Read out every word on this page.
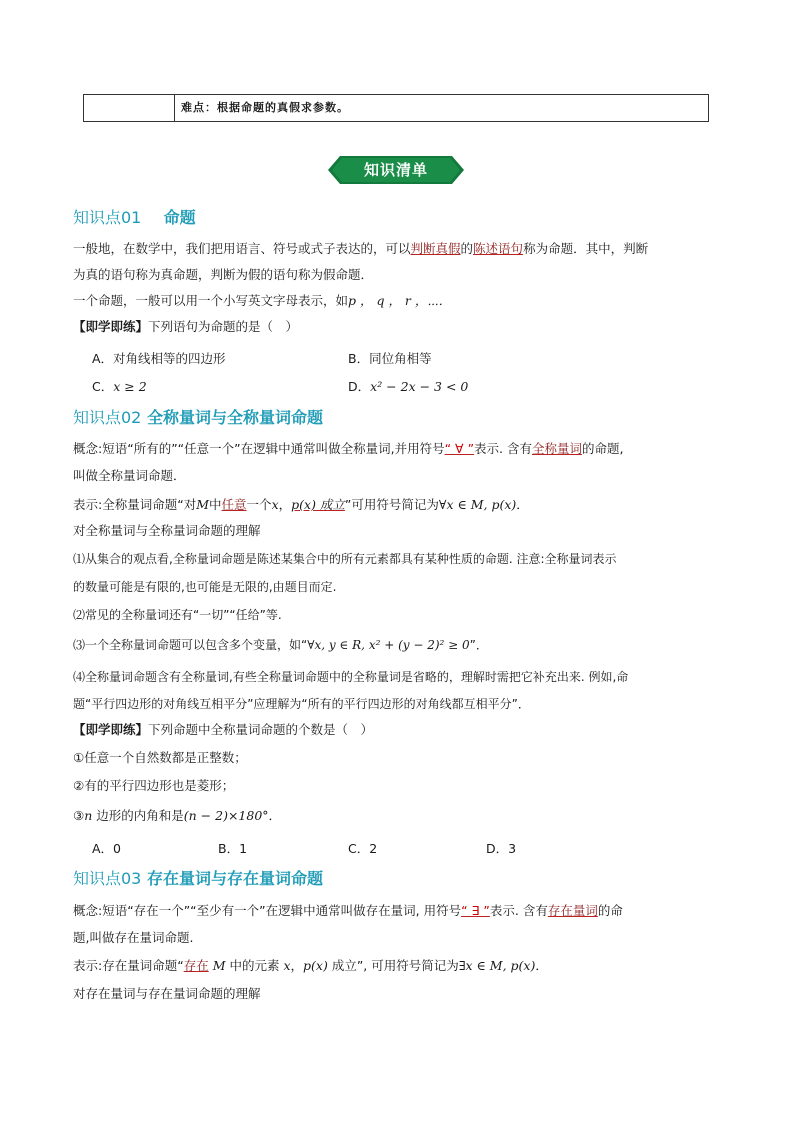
难点：根据命题的真假求参数。
知识清单
知识点01 命题
一般地，在数学中，我们把用语言、符号或式子表达的，可以判断真假的陈述语句称为命题．其中，判断
为真的语句称为真命题，判断为假的语句称为假命题．
一个命题，一般可以用一个小写英文字母表示，如p ， q ， r ，⋯．
【即学即练】下列语句为命题的是（　）
A．对角线相等的四边形	B．同位角相等
C．x ≥ 2	D．x² − 2x − 3 < 0
知识点02 全称量词与全称量词命题
概念:短语“所有的”“任意一个”在逻辑中通常叫做全称量词,并用符号“ ∀ ”表示. 含有全称量词的命题,
叫做全称量词命题．
表示:全称量词命题“对M中任意一个x，p(x) 成立”可用符号简记为∀x ∈ M, p(x)．
对全称量词与全称量词命题的理解
⑴从集合的观点看,全称量词命题是陈述某集合中的所有元素都具有某种性质的命题. 注意:全称量词表示
的数量可能是有限的,也可能是无限的,由题目而定.
⑵常见的全称量词还有“一切”“任给”等.
⑶一个全称量词命题可以包含多个变量，如“∀x, y ∈ R, x² + (y − 2)² ≥ 0”．
⑷全称量词命题含有全称量词,有些全称量词命题中的全称量词是省略的，理解时需把它补充出来. 例如,命
题“平行四边形的对角线互相平分”应理解为“所有的平行四边形的对角线都互相平分”．
【即学即练】下列命题中全称量词命题的个数是（　）
①任意一个自然数都是正整数；
②有的平行四边形也是菱形；
③n 边形的内角和是(n − 2)×180°．
A．0	B．1	C．2	D．3
知识点03 存在量词与存在量词命题
概念:短语“存在一个”“至少有一个”在逻辑中通常叫做存在量词, 用符号“ ∃ ”表示. 含有存在量词的命
题,叫做存在量词命题.
表示:存在量词命题“存在 M 中的元素 x，p(x) 成立”, 可用符号简记为∃x ∈ M, p(x)．
对存在量词与存在量词命题的理解
